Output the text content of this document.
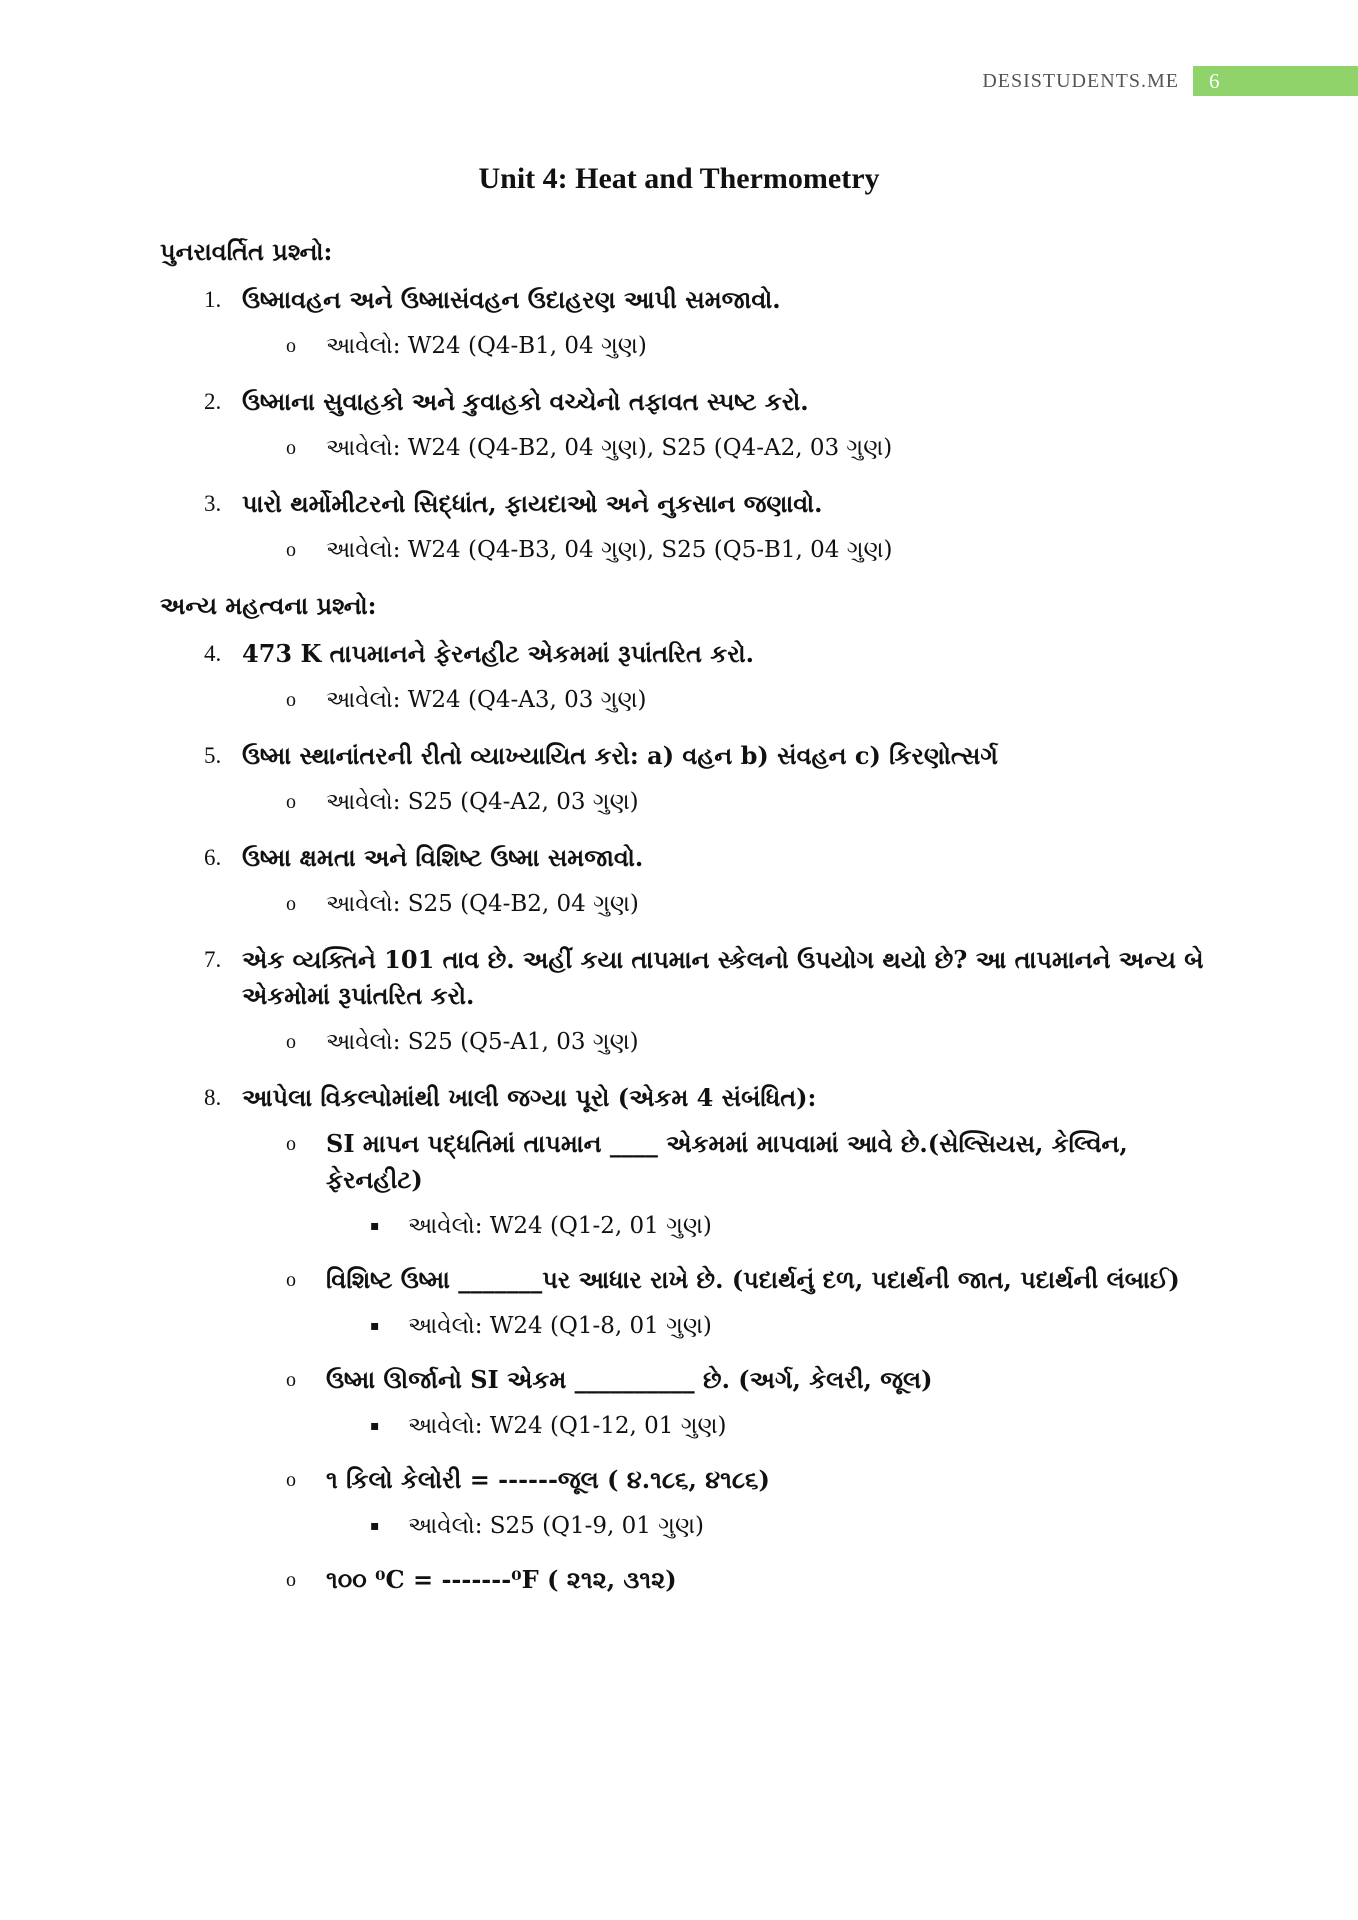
DESISTUDENTS.ME	6
Unit 4: Heat and Thermometry
પુનરાવર્તિત પ્રશ્નો:
1. ઉષ્માવહન અને ઉષ્માસંવહન ઉદાહરણ આપી સમજાવો.
o	આવેલો: W24 (Q4-B1, 04 ગુણ)
2. ઉષ્માના સુવાહકો અને કુવાહકો વચ્ચેનો તફાવત સ્પષ્ટ કરો.
o	આવેલો: W24 (Q4-B2, 04 ગુણ), S25 (Q4-A2, 03 ગુણ)
3. પારો થર્મોમીટરનો સિદ્ધાંત, ફાયદાઓ અને નુકસાન જણાવો.
o	આવેલો: W24 (Q4-B3, 04 ગુણ), S25 (Q5-B1, 04 ગુણ)
અન્ય મહત્વના પ્રશ્નો:
4. 473 K તાપમાનને ફેરનહીટ એકમમાં રૂપાંતરિત કરો.
o	આવેલો: W24 (Q4-A3, 03 ગુણ)
5. ઉષ્મા સ્થાનાંતરની રીતો વ્યાખ્યાયિત કરો: a) વહન b) સંવહન c) કિરણોત્સર્ગ
o	આવેલો: S25 (Q4-A2, 03 ગુણ)
6. ઉષ્મા ક્ષમતા અને વિશિષ્ટ ઉષ્મા સમજાવો.
o	આવેલો: S25 (Q4-B2, 04 ગુણ)
7. એક વ્યક્તિને 101 તાવ છે. અહીં કયા તાપમાન સ્કેલનો ઉપયોગ થયો છે? આ તાપમાનને અન્ય બે એકમોમાં રૂપાંતરિત કરો.
o	આવેલો: S25 (Q5-A1, 03 ગુણ)
8. આપેલા વિકલ્પોમાંથી ખાલી જગ્યા પૂરો (એકમ 4 સંબંધિત):
o	SI માપન પદ્ધતિમાં તાપમાન ____ એકમમાં માપવામાં આવે છે.(સેલ્સિયસ, કેલ્વિન, ફેરનહીટ)
▪	આવેલો: W24 (Q1-2, 01 ગુણ)
o	વિશિષ્ટ ઉષ્મા _______પર આધાર રાખે છે. (પદાર્થનું દળ, પદાર્થની જાત, પદાર્થની લંબાઈ)
▪	આવેલો: W24 (Q1-8, 01 ગુણ)
o	ઉષ્મા ઊર્જાનો SI એકમ __________ છે. (અર્ગ, કેલરી, જૂલ)
▪	આવેલો: W24 (Q1-12, 01 ગુણ)
o	૧ કિલો કેલોરી = ------જૂલ ( ૪.૧૮૬, ૪૧૮૬)
▪	આવેલો: S25 (Q1-9, 01 ગુણ)
o	૧૦૦ ⁰C = -------⁰F ( ૨૧૨, ૩૧૨)
